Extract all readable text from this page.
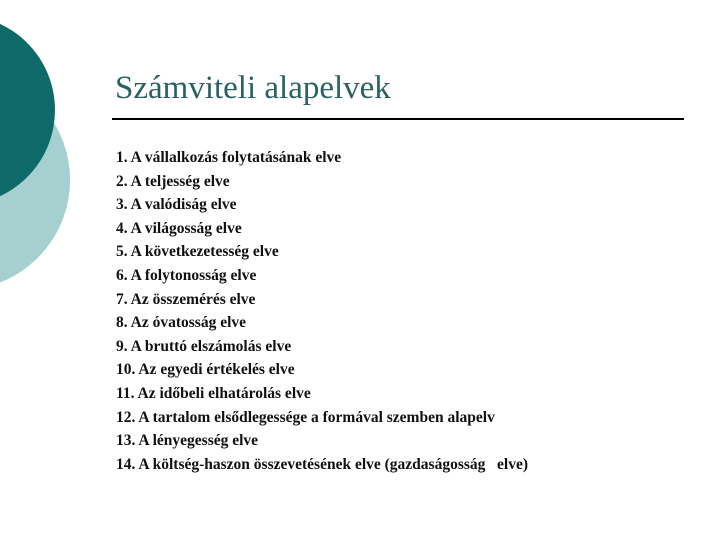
Számviteli alapelvek
1. A vállalkozás folytatásának elve
2. A teljesség elve
3. A valódiság elve
4. A világosság elve
5. A következetesség elve
6. A folytonosság elve
7. Az összemérés elve
8. Az óvatosság elve
9. A bruttó elszámolás elve
10. Az egyedi értékelés elve
11. Az időbeli elhatárolás elve
12. A tartalom elsődlegessége a formával szemben alapelv
13. A lényegesség elve
14. A költség-haszon összevetésének elve (gazdaságosság   elve)
